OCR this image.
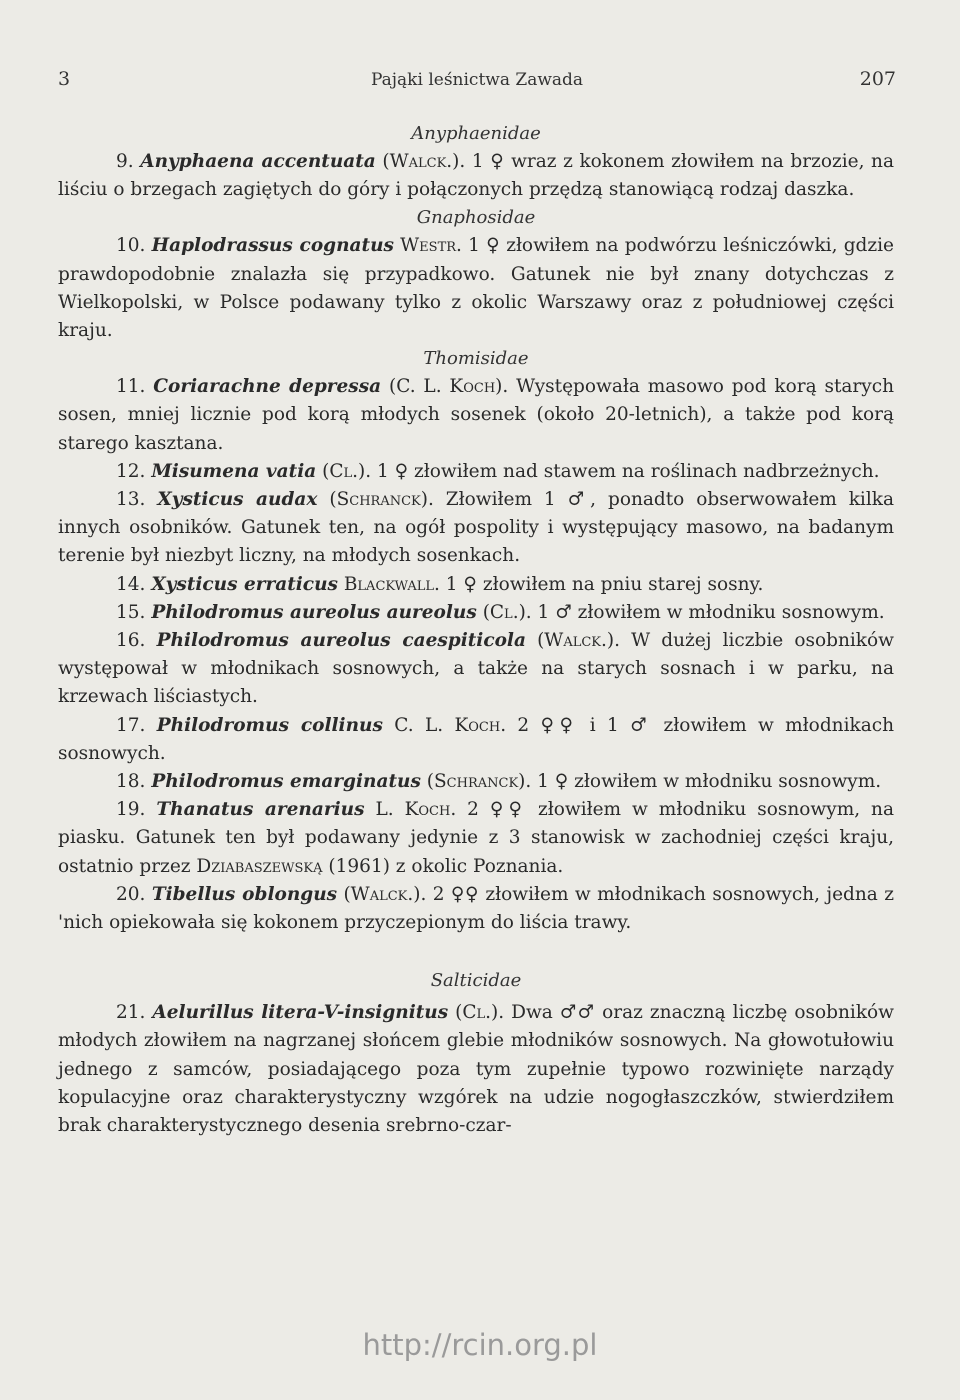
3	Pająki leśnictwa Zawada	207
Anyphaenidae

9. Anyphaena accentuata (Walck.). 1 ♀ wraz z kokonem złowiłem na brzozie, na liściu o brzegach zagiętych do góry i połączonych przędzą stanowiącą rodzaj daszka.

Gnaphosidae

10. Haplodrassus cognatus Westr. 1 ♀ złowiłem na podwórzu leśniczówki, gdzie prawdopodobnie znalazła się przypadkowo. Gatunek nie był znany dotychczas z Wielkopolski, w Polsce podawany tylko z okolic Warszawy oraz z południowej części kraju.

Thomisidae

11. Coriarachne depressa (C. L. Koch). Występowała masowo pod korą starych sosen, mniej licznie pod korą młodych sosenek (około 20-letnich), a także pod korą starego kasztana.

12. Misumena vatia (Cl.). 1 ♀ złowiłem nad stawem na roślinach nadbrzeżnych.

13. Xysticus audax (Schranck). Złowiłem 1 ♂, ponadto obserwowałem kilka innych osobników. Gatunek ten, na ogół pospolity i występujący masowo, na badanym terenie był niezbyt liczny, na młodych sosenkach.

14. Xysticus erraticus Blackwall. 1 ♀ złowiłem na pniu starej sosny.

15. Philodromus aureolus aureolus (Cl.). 1 ♂ złowiłem w młodniku sosnowym.

16. Philodromus aureolus caespiticola (Walck.). W dużej liczbie osobników występował w młodnikach sosnowych, a także na starych sosnach i w parku, na krzewach liściastych.

17. Philodromus collinus C. L. Koch. 2 ♀♀ i 1 ♂ złowiłem w młodnikach sosnowych.

18. Philodromus emarginatus (Schranck). 1 ♀ złowiłem w młodniku sosnowym.

19. Thanatus arenarius L. Koch. 2 ♀♀ złowiłem w młodniku sosnowym, na piasku. Gatunek ten był podawany jedynie z 3 stanowisk w zachodniej części kraju, ostatnio przez Dziabaszewską (1961) z okolic Poznania.

20. Tibellus oblongus (Walck.). 2 ♀♀ złowiłem w młodnikach sosnowych, jedna z 'nich opiekowała się kokonem przyczepionym do liścia trawy.

Salticidae

21. Aelurillus litera-V-insignitus (Cl.). Dwa ♂♂ oraz znaczną liczbę osobników młodych złowiłem na nagrzanej słońcem glebie młodników sosnowych. Na głowotułowiu jednego z samców, posiadającego poza tym zupełnie typowo rozwinięte narządy kopulacyjne oraz charakterystyczny wzgórek na udzie nogogłaszczków, stwierdziłem brak charakterystycznego desenia srebrno-czar-

http://rcin.org.pl
